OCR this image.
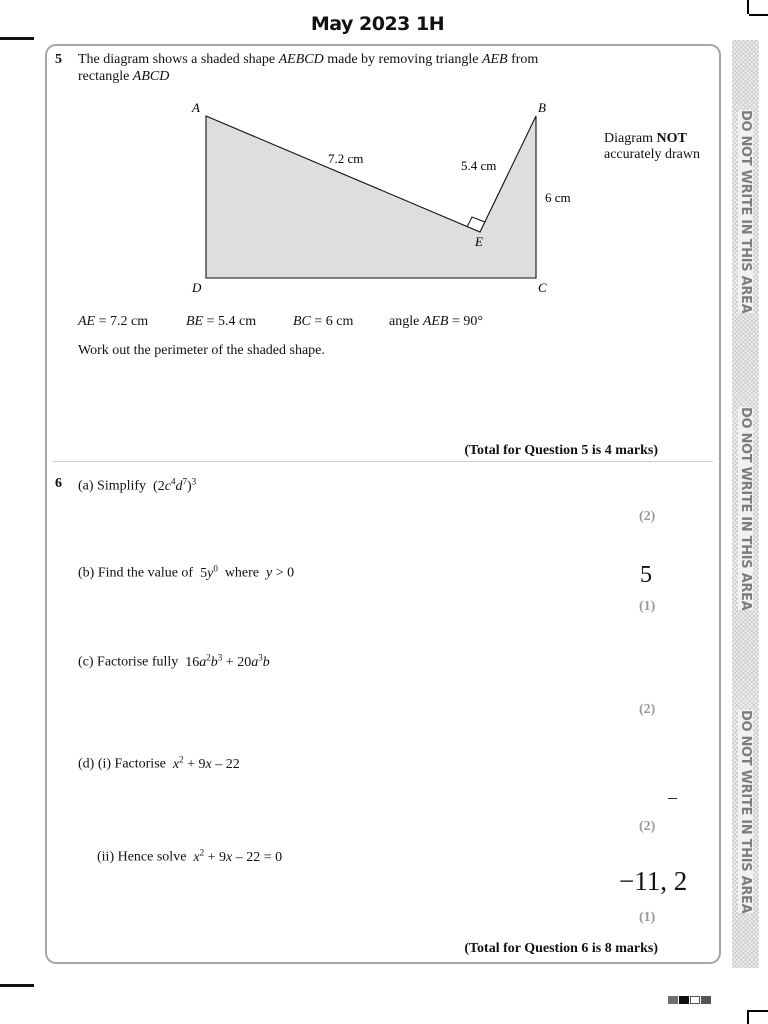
May 2023 1H
DO NOT WRITE IN THIS AREA
DO NOT WRITE IN THIS AREA
DO NOT WRITE IN THIS AREA
5 The diagram shows a shaded shape AEBCD made by removing triangle AEB from
rectangle ABCD
A	B
C
D
E
7.2 cm	5.4 cm
6 cm
Diagram NOT
accurately drawn
AE = 7.2 cm	BE = 5.4 cm	BC = 6 cm	angle AEB = 90°
Work out the perimeter of the shaded shape.
(Total for Question 5 is 4 marks)
6 (a) Simplify $(2c^4d^7)^3$
(2)
(b) Find the value of $5y^0$ where y > 0	5
(1)
(c) Factorise fully $16a^2b^3 + 20a^3b$
(2)
(d) (i) Factorise $x^2 + 9x - 22$
–
(2)
(ii) Hence solve $x^2 + 9x - 22 = 0$
−11, 2
(1)
(Total for Question 6 is 8 marks)
